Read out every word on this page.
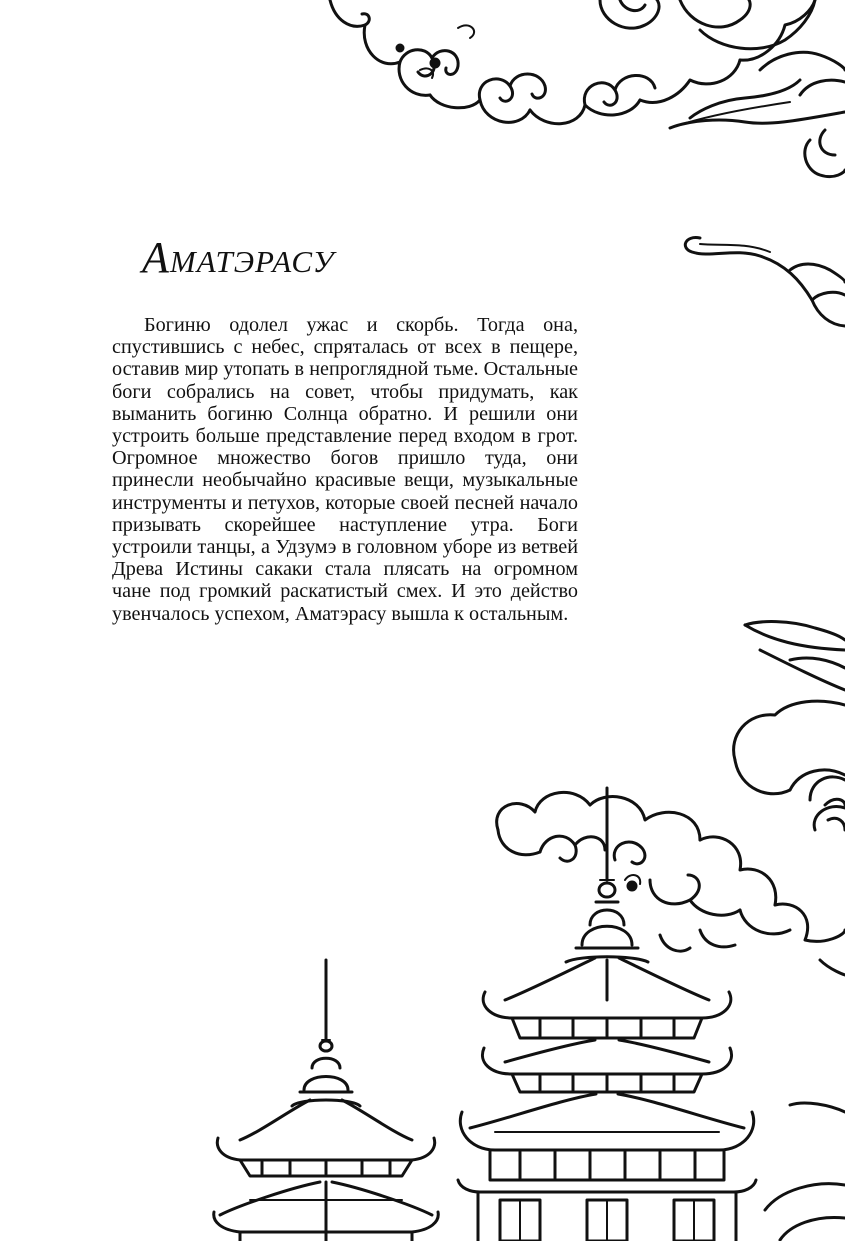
Аматэрасу

Богиню одолел ужас и скорбь. Тогда она, спустившись с небес, спряталась от всех в пещере, оставив мир утопать в непроглядной тьме. Остальные боги собрались на совет, чтобы придумать, как выманить богиню Солнца обратно. И решили они устроить больше представление перед входом в грот. Огромное множество богов пришло туда, они принесли необычайно красивые вещи, музыкальные инструменты и петухов, которые своей песней начало призывать скорейшее наступление утра. Боги устроили танцы, а Удзумэ в головном уборе из ветвей Древа Истины сакаки стала плясать на огромном чане под громкий раскатистый смех. И это действо увенчалось успехом, Аматэрасу вышла к остальным.
